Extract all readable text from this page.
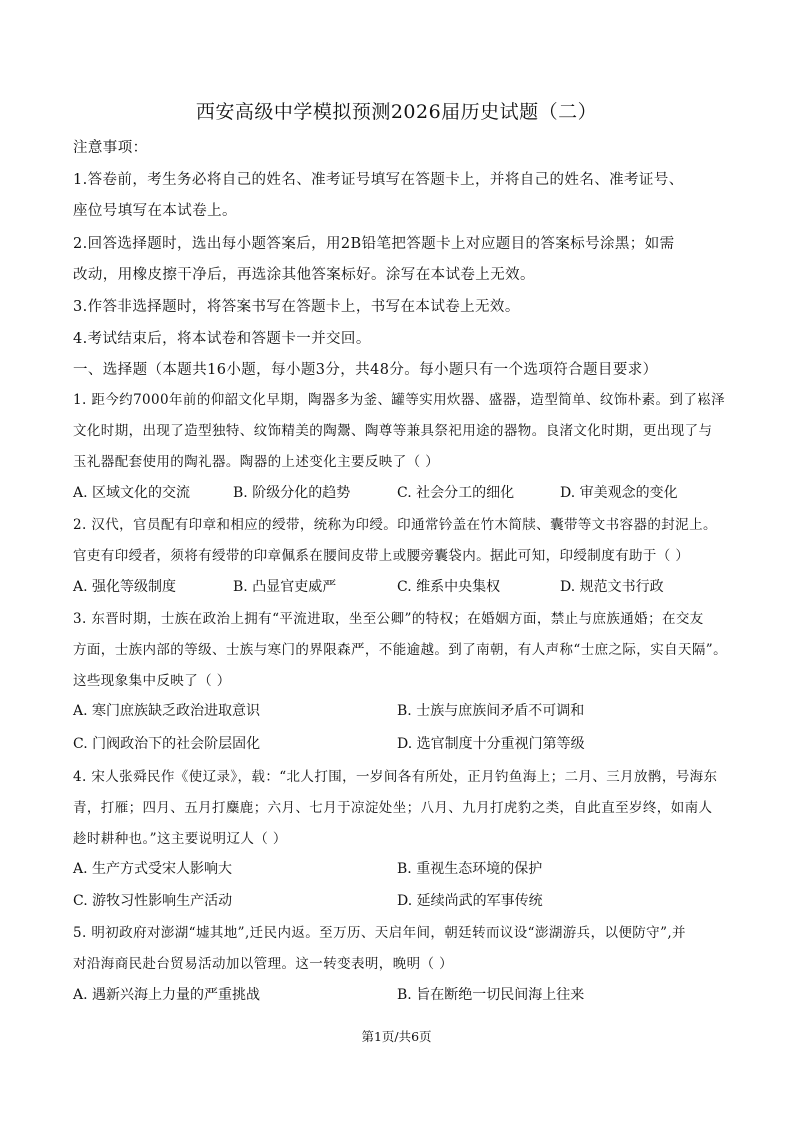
西安高级中学模拟预测2026届历史试题（二）
注意事项：
1.答卷前，考生务必将自己的姓名、准考证号填写在答题卡上，并将自己的姓名、准考证号、
座位号填写在本试卷上。
2.回答选择题时，选出每小题答案后，用2B铅笔把答题卡上对应题目的答案标号涂黑；如需
改动，用橡皮擦干净后，再选涂其他答案标好。涂写在本试卷上无效。
3.作答非选择题时，将答案书写在答题卡上，书写在本试卷上无效。
4.考试结束后，将本试卷和答题卡一并交回。
一、选择题（本题共16小题，每小题3分，共48分。每小题只有一个选项符合题目要求）
1. 距今约7000年前的仰韶文化早期，陶器多为釜、罐等实用炊器、盛器，造型简单、纹饰朴素。到了崧泽
文化时期，出现了造型独特、纹饰精美的陶鬶、陶尊等兼具祭祀用途的器物。良渚文化时期，更出现了与
玉礼器配套使用的陶礼器。陶器的上述变化主要反映了（ ）
A. 区域文化的交流	B. 阶级分化的趋势	C. 社会分工的细化	D. 审美观念的变化
2. 汉代，官员配有印章和相应的绶带，统称为印绶。印通常钤盖在竹木简牍、囊带等文书容器的封泥上。
官吏有印绶者，须将有绶带的印章佩系在腰间皮带上或腰旁囊袋内。据此可知，印绶制度有助于（ ）
A. 强化等级制度	B. 凸显官吏威严	C. 维系中央集权	D. 规范文书行政
3. 东晋时期，士族在政治上拥有“平流进取，坐至公卿”的特权；在婚姻方面，禁止与庶族通婚；在交友
方面，士族内部的等级、士族与寒门的界限森严，不能逾越。到了南朝，有人声称“士庶之际，实自天隔”。
这些现象集中反映了（ ）
A. 寒门庶族缺乏政治进取意识	B. 士族与庶族间矛盾不可调和
C. 门阀政治下的社会阶层固化	D. 选官制度十分重视门第等级
4. 宋人张舜民作《使辽录》，载：“北人打围，一岁间各有所处，正月钓鱼海上；二月、三月放鹘，号海东
青，打雁；四月、五月打麋鹿；六月、七月于凉淀处坐；八月、九月打虎豹之类，自此直至岁终，如南人
趁时耕种也。”这主要说明辽人（ ）
A. 生产方式受宋人影响大	B. 重视生态环境的保护
C. 游牧习性影响生产活动	D. 延续尚武的军事传统
5. 明初政府对澎湖“墟其地”,迁民内返。至万历、天启年间，朝廷转而议设“澎湖游兵，以便防守”,并
对沿海商民赴台贸易活动加以管理。这一转变表明，晚明（ ）
A. 遇新兴海上力量的严重挑战	B. 旨在断绝一切民间海上往来
第1页/共6页
